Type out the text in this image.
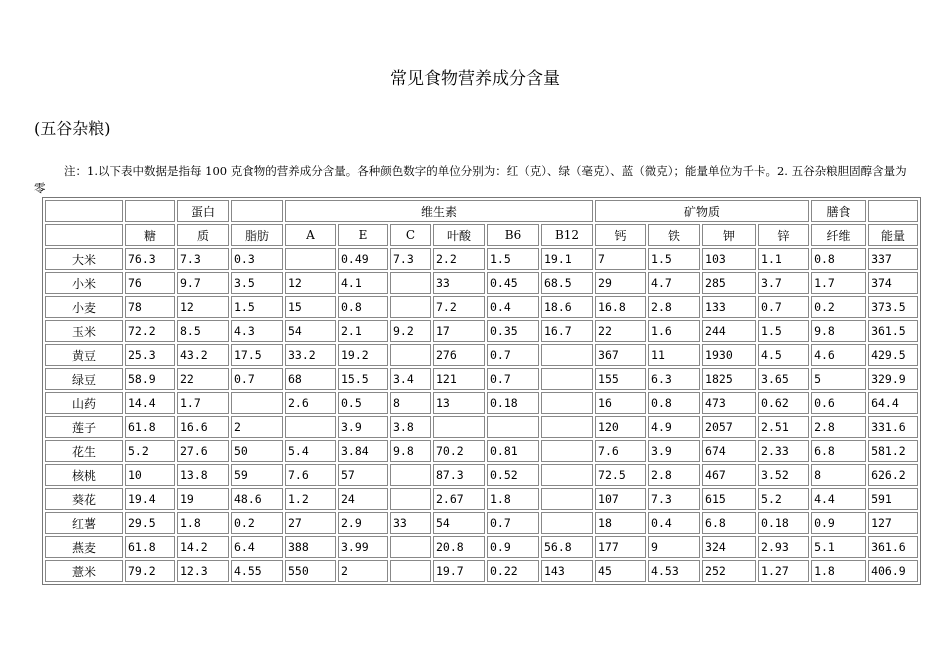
常见食物营养成分含量
(五谷杂粮)
注：1.以下表中数据是指每 100 克食物的营养成分含量。各种颜色数字的单位分别为：红（克）、绿（毫克）、蓝（微克）；能量单位为千卡。2. 五谷杂粮胆固醇含量为零
		蛋白		维生素						矿物质				膳食	
	糖	质	脂肪	A	E	C	叶酸	B6	B12	钙	铁	钾	锌	纤维	能量
大米	76.3	7.3	0.3		0.49	7.3	2.2	1.5	19.1	7	1.5	103	1.1	0.8	337
小米	76	9.7	3.5	12	4.1		33	0.45	68.5	29	4.7	285	3.7	1.7	374
小麦	78	12	1.5	15	0.8		7.2	0.4	18.6	16.8	2.8	133	0.7	0.2	373.5
玉米	72.2	8.5	4.3	54	2.1	9.2	17	0.35	16.7	22	1.6	244	1.5	9.8	361.5
黄豆	25.3	43.2	17.5	33.2	19.2		276	0.7		367	11	1930	4.5	4.6	429.5
绿豆	58.9	22	0.7	68	15.5	3.4	121	0.7		155	6.3	1825	3.65	5	329.9
山药	14.4	1.7		2.6	0.5	8	13	0.18		16	0.8	473	0.62	0.6	64.4
莲子	61.8	16.6	2		3.9	3.8				120	4.9	2057	2.51	2.8	331.6
花生	5.2	27.6	50	5.4	3.84	9.8	70.2	0.81		7.6	3.9	674	2.33	6.8	581.2
核桃	10	13.8	59	7.6	57		87.3	0.52		72.5	2.8	467	3.52	8	626.2
葵花	19.4	19	48.6	1.2	24		2.67	1.8		107	7.3	615	5.2	4.4	591
红薯	29.5	1.8	0.2	27	2.9	33	54	0.7		18	0.4	6.8	0.18	0.9	127
燕麦	61.8	14.2	6.4	388	3.99		20.8	0.9	56.8	177	9	324	2.93	5.1	361.6
薏米	79.2	12.3	4.55	550	2		19.7	0.22	143	45	4.53	252	1.27	1.8	406.9
